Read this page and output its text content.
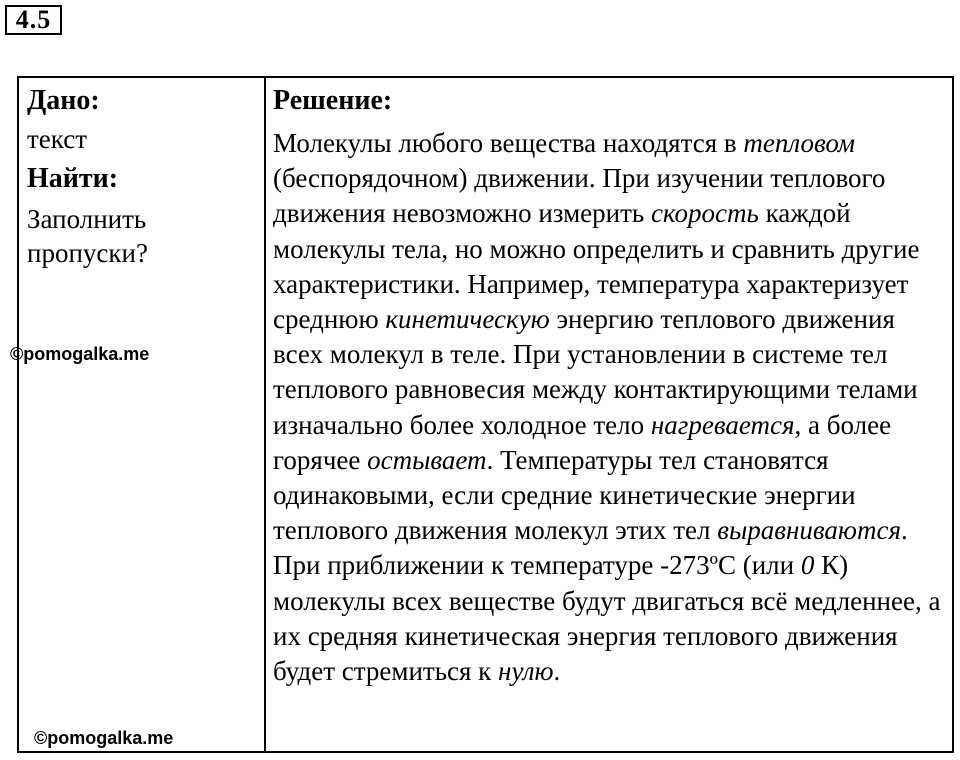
4.5
Дано:
текст
Найти:
Заполнить пропуски?
Решение:
Молекулы любого вещества находятся в тепловом (беспорядочном) движении. При изучении теплового движения невозможно измерить скорость каждой молекулы тела, но можно определить и сравнить другие характеристики. Например, температура характеризует среднюю кинетическую энергию теплового движения всех молекул в теле. При установлении в системе тел теплового равновесия между контактирующими телами изначально более холодное тело нагревается, а более горячее остывает. Температуры тел становятся одинаковыми, если средние кинетические энергии теплового движения молекул этих тел выравниваются. При приближении к температуре -273ºС (или 0 К) молекулы всех веществе будут двигаться всё медленнее, а их средняя кинетическая энергия теплового движения будет стремиться к нулю.
©pomogalka.me
©pomogalka.me
